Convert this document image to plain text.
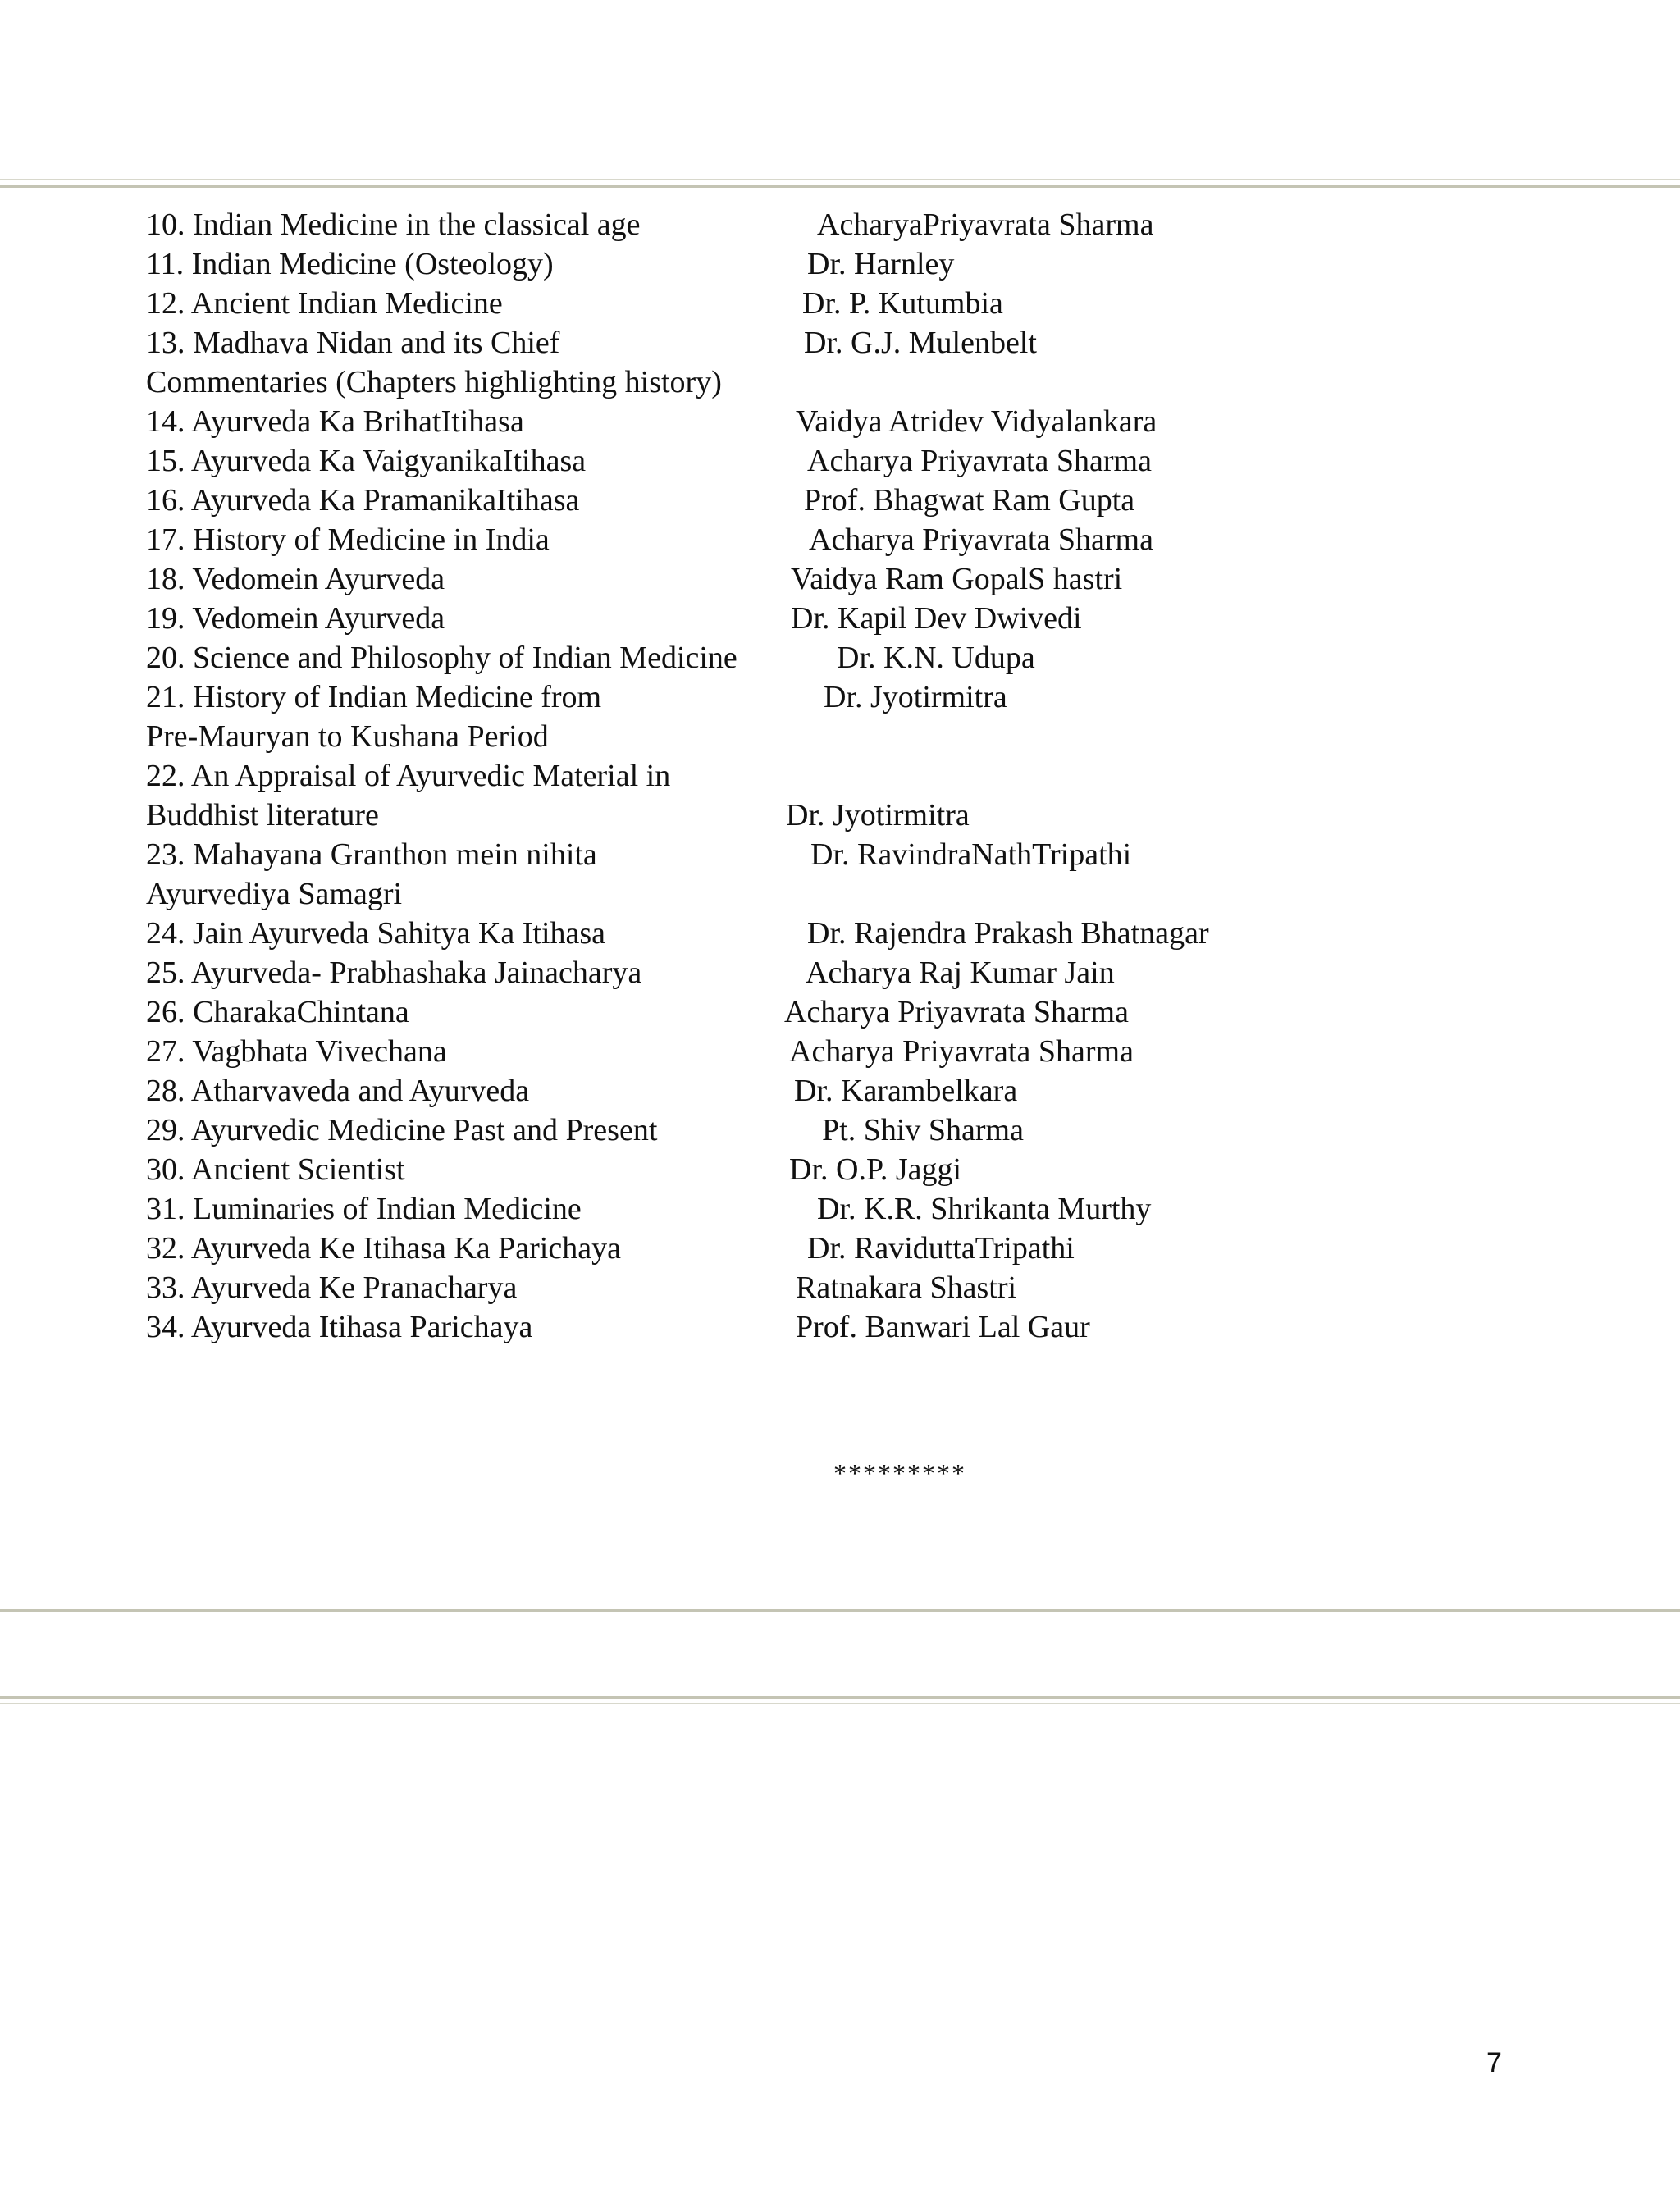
10. Indian Medicine in the classical age	AcharyaPriyavrata Sharma
11. Indian Medicine (Osteology)	Dr. Harnley
12. Ancient Indian Medicine	Dr. P. Kutumbia
13. Madhava Nidan and its Chief	Dr. G.J. Mulenbelt
Commentaries (Chapters highlighting history)
14. Ayurveda Ka BrihatItihasa	Vaidya Atridev Vidyalankara
15. Ayurveda Ka VaigyanikaItihasa	Acharya Priyavrata Sharma
16. Ayurveda Ka PramanikaItihasa	Prof. Bhagwat Ram Gupta
17. History of Medicine in India	Acharya Priyavrata Sharma
18. Vedomein Ayurveda	Vaidya Ram GopalS hastri
19. Vedomein Ayurveda	Dr. Kapil Dev Dwivedi
20. Science and Philosophy of Indian Medicine	Dr. K.N. Udupa
21. History of Indian Medicine from	Dr. Jyotirmitra
Pre-Mauryan to Kushana Period
22. An Appraisal of Ayurvedic Material in
Buddhist literature	Dr. Jyotirmitra
23. Mahayana Granthon mein nihita	Dr. RavindraNathTripathi
Ayurvediya Samagri
24. Jain Ayurveda Sahitya Ka Itihasa	Dr. Rajendra Prakash Bhatnagar
25. Ayurveda- Prabhashaka Jainacharya	Acharya Raj Kumar Jain
26. CharakaChintana	Acharya Priyavrata Sharma
27. Vagbhata Vivechana	Acharya Priyavrata Sharma
28. Atharvaveda and Ayurveda	Dr. Karambelkara
29. Ayurvedic Medicine Past and Present	Pt. Shiv Sharma
30. Ancient Scientist	Dr. O.P. Jaggi
31. Luminaries of Indian Medicine	Dr. K.R. Shrikanta Murthy
32. Ayurveda Ke Itihasa Ka Parichaya	Dr. RaviduttaTripathi
33. Ayurveda Ke Pranacharya	Ratnakara Shastri
34. Ayurveda Itihasa Parichaya	Prof. Banwari Lal Gaur
*********
7
